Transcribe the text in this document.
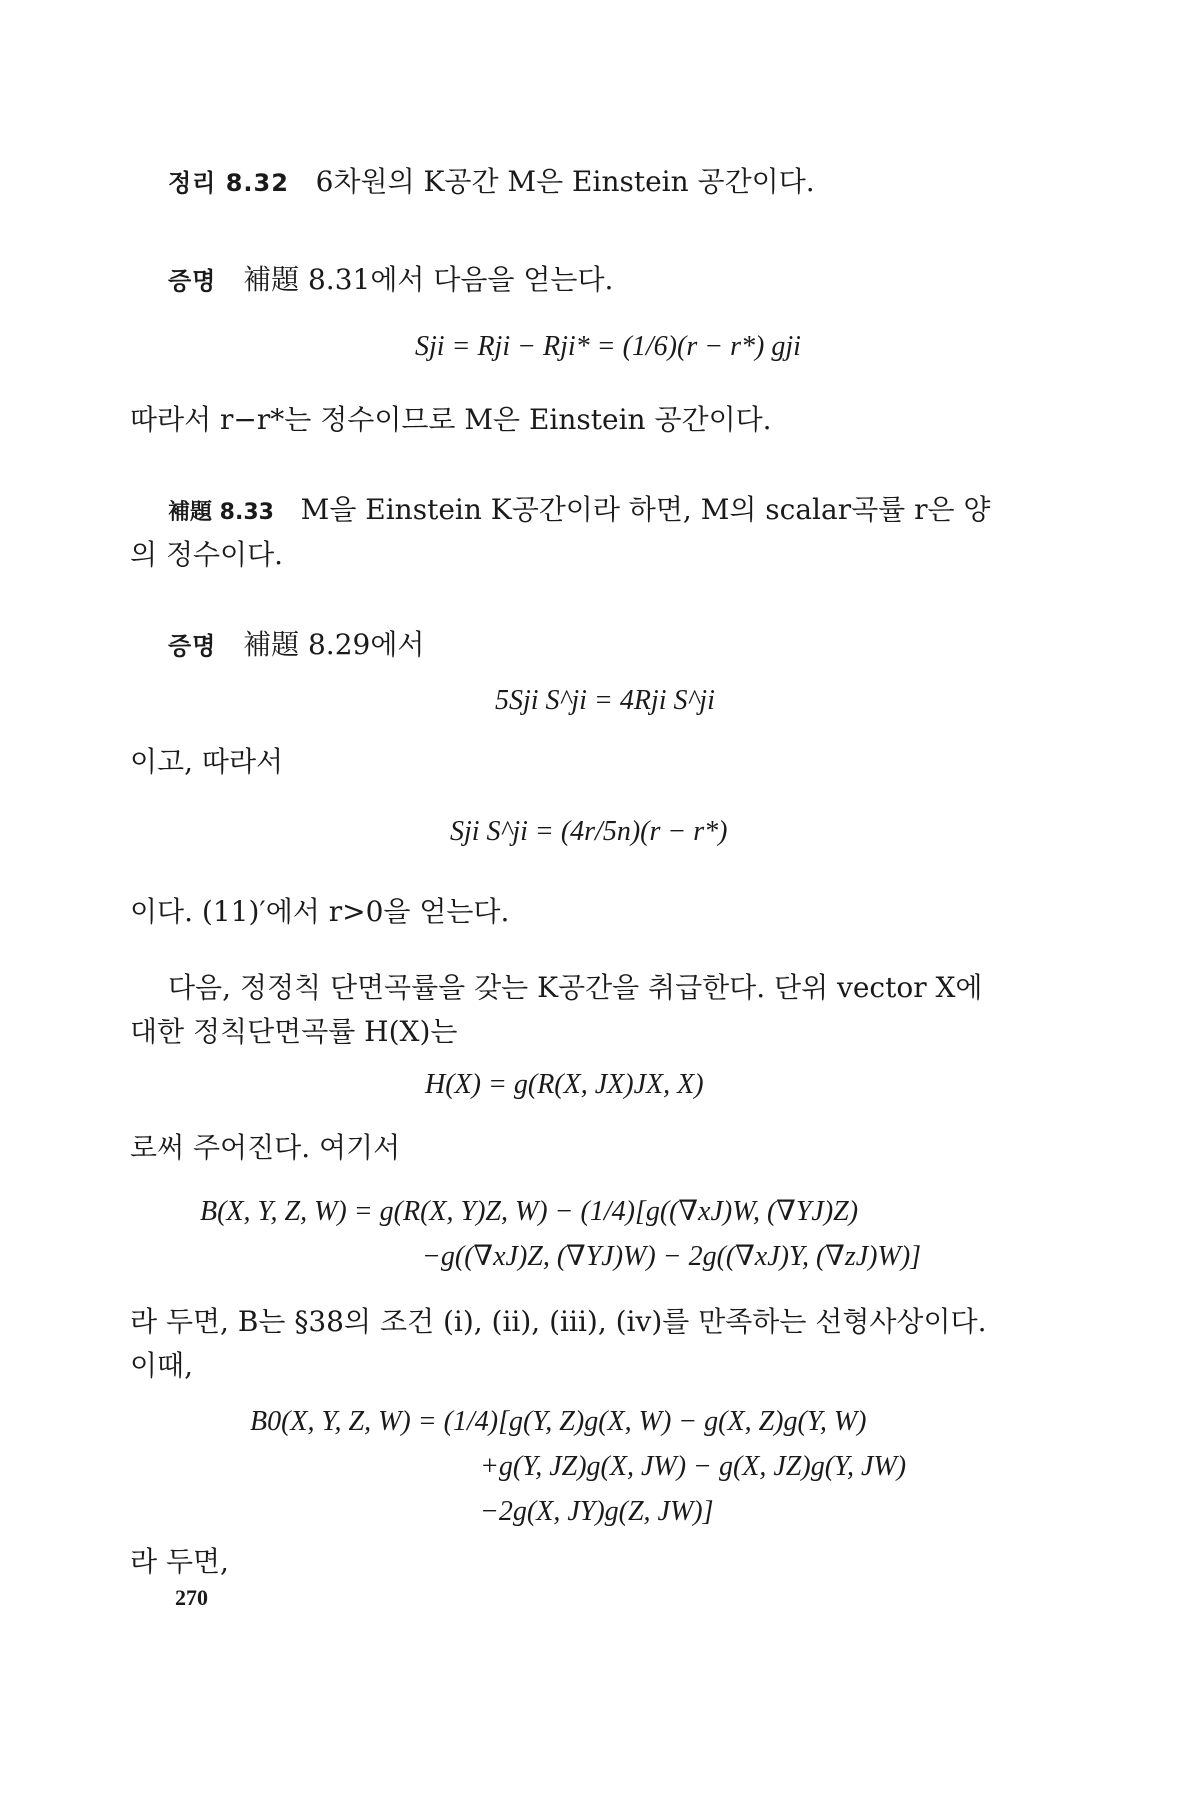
정리 8.32 6차원의 K공간 M은 Einstein 공간이다.
증명 補題 8.31에서 다음을 얻는다.
Sji = Rji − Rji* = (1/6)(r − r*) gji
따라서 r−r*는 정수이므로 M은 Einstein 공간이다.
補題 8.33 M을 Einstein K공간이라 하면, M의 scalar곡률 r은 양
의 정수이다.
증명 補題 8.29에서
5Sji S^ji = 4Rji S^ji
이고, 따라서
Sji S^ji = (4r/5n)(r − r*)
이다. (11)′에서 r>0을 얻는다.
다음, 정정칙 단면곡률을 갖는 K공간을 취급한다. 단위 vector X에
대한 정칙단면곡률 H(X)는
H(X) = g(R(X, JX)JX, X)
로써 주어진다. 여기서
B(X, Y, Z, W) = g(R(X, Y)Z, W) − (1/4)[g((∇xJ)W, (∇YJ)Z)
−g((∇xJ)Z, (∇YJ)W) − 2g((∇xJ)Y, (∇zJ)W)]
라 두면, B는 §38의 조건 (i), (ii), (iii), (iv)를 만족하는 선형사상이다.
이때,
B0(X, Y, Z, W) = (1/4)[g(Y, Z)g(X, W) − g(X, Z)g(Y, W)
+g(Y, JZ)g(X, JW) − g(X, JZ)g(Y, JW)
−2g(X, JY)g(Z, JW)]
라 두면,
270
